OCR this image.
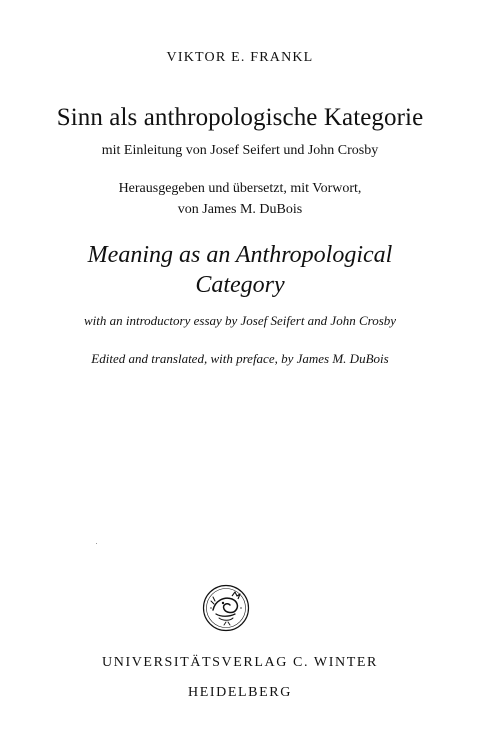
VIKTOR E. FRANKL
Sinn als anthropologische Kategorie
mit Einleitung von Josef Seifert und John Crosby
Herausgegeben und übersetzt, mit Vorwort,
von James M. DuBois
Meaning as an Anthropological
Category
with an introductory essay by Josef Seifert and John Crosby
Edited and translated, with preface, by James M. DuBois
UNIVERSITÄTSVERLAG C. WINTER
HEIDELBERG
